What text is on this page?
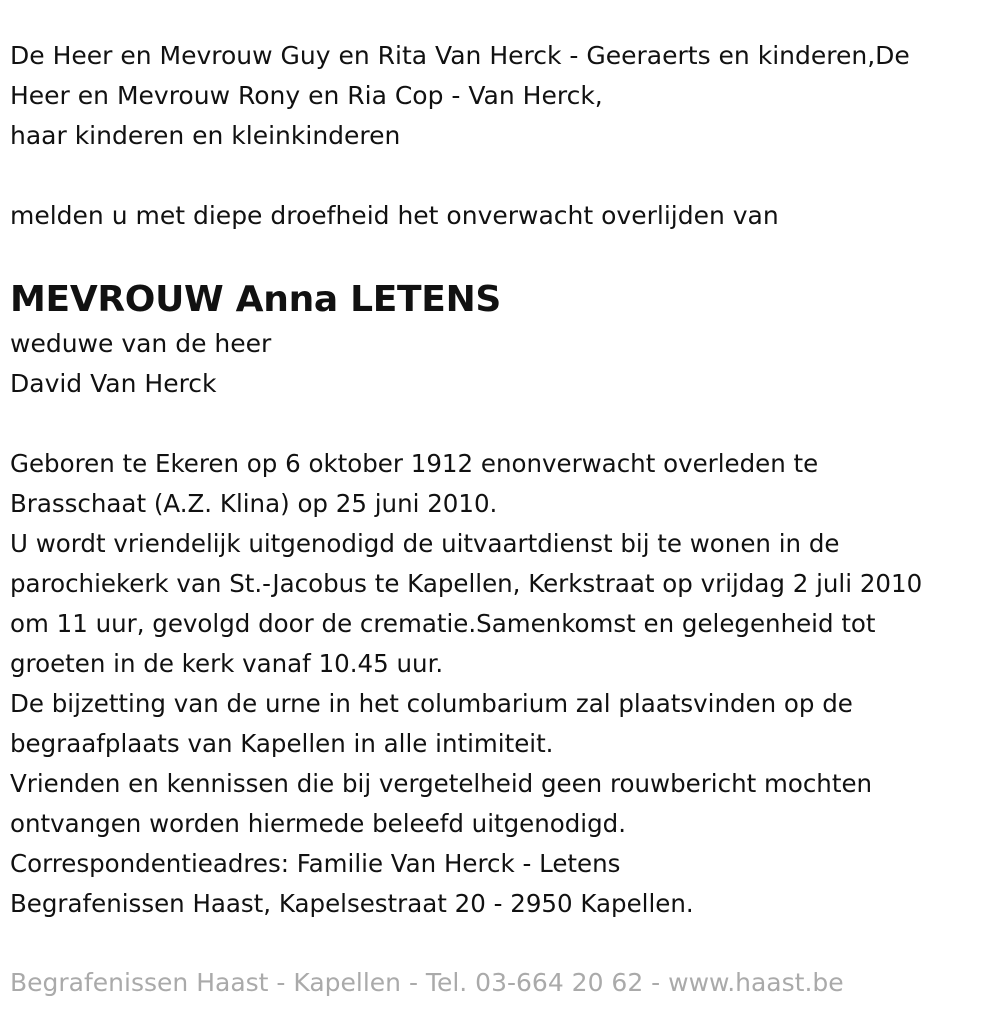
De Heer en Mevrouw Guy en Rita Van Herck - Geeraerts en kinderen,De

Heer en Mevrouw Rony en Ria Cop - Van Herck,

haar kinderen en kleinkinderen

melden u met diepe droefheid het onverwacht overlijden van

MEVROUW Anna LETENS

weduwe van de heer

David Van Herck

Geboren te Ekeren op 6 oktober 1912 enonverwacht overleden te

Brasschaat (A.Z. Klina) op 25 juni 2010.

U wordt vriendelijk uitgenodigd de uitvaartdienst bij te wonen in de

parochiekerk van St.-Jacobus te Kapellen, Kerkstraat op vrijdag 2 juli 2010

om 11 uur, gevolgd door de crematie.Samenkomst en gelegenheid tot

groeten in de kerk vanaf 10.45 uur.

De bijzetting van de urne in het columbarium zal plaatsvinden op de

begraafplaats van Kapellen in alle intimiteit.

Vrienden en kennissen die bij vergetelheid geen rouwbericht mochten

ontvangen worden hiermede beleefd uitgenodigd.

Correspondentieadres: Familie Van Herck - Letens

Begrafenissen Haast, Kapelsestraat 20 - 2950 Kapellen.

Begrafenissen Haast - Kapellen - Tel. 03-664 20 62 - www.haast.be
